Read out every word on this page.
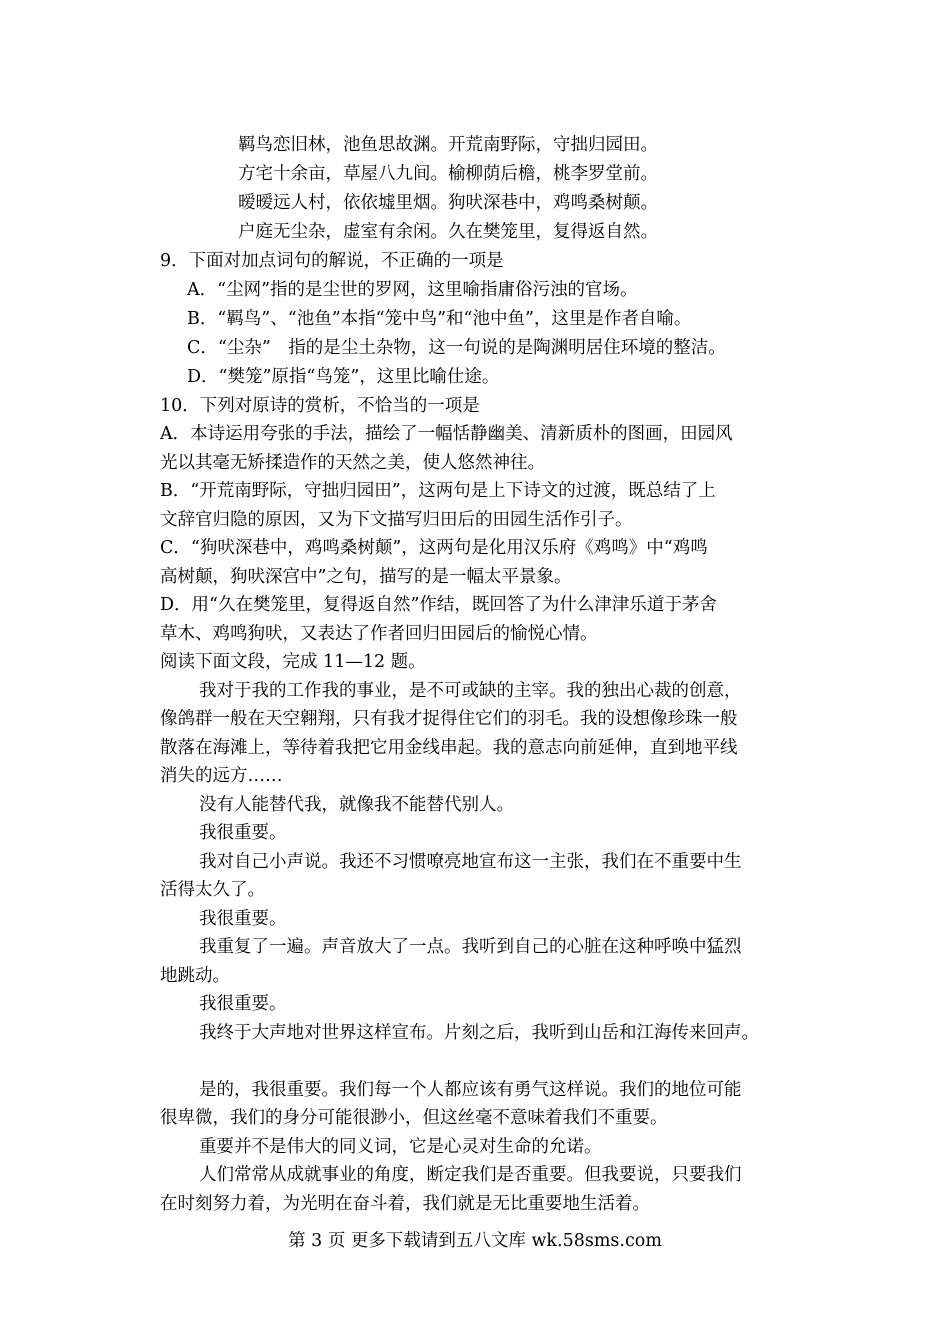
羁鸟恋旧林，池鱼思故渊。开荒南野际，守拙归园田。
方宅十余亩，草屋八九间。榆柳荫后檐，桃李罗堂前。
暧暧远人村，依依墟里烟。狗吠深巷中，鸡鸣桑树颠。
户庭无尘杂，虚室有余闲。久在樊笼里，复得返自然。
9．下面对加点词句的解说，不正确的一项是
A．“尘网”指的是尘世的罗网，这里喻指庸俗污浊的官场。
B．“羁鸟”、“池鱼”本指“笼中鸟”和“池中鱼”，这里是作者自喻。
C．“尘杂”　指的是尘土杂物，这一句说的是陶渊明居住环境的整洁。
D．“樊笼”原指“鸟笼”，这里比喻仕途。
10．下列对原诗的赏析，不恰当的一项是
A．本诗运用夸张的手法，描绘了一幅恬静幽美、清新质朴的图画，田园风
光以其毫无矫揉造作的天然之美，使人悠然神往。
B．“开荒南野际，守拙归园田”，这两句是上下诗文的过渡，既总结了上
文辞官归隐的原因，又为下文描写归田后的田园生活作引子。
C．“狗吠深巷中，鸡鸣桑树颠”，这两句是化用汉乐府《鸡鸣》中“鸡鸣
高树颠，狗吠深宫中”之句，描写的是一幅太平景象。
D．用“久在樊笼里，复得返自然”作结，既回答了为什么津津乐道于茅舍
草木、鸡鸣狗吠，又表达了作者回归田园后的愉悦心情。
阅读下面文段，完成 11—12 题。
我对于我的工作我的事业，是不可或缺的主宰。我的独出心裁的创意，
像鸽群一般在天空翱翔，只有我才捉得住它们的羽毛。我的设想像珍珠一般
散落在海滩上，等待着我把它用金线串起。我的意志向前延伸，直到地平线
消失的远方……
没有人能替代我，就像我不能替代别人。
我很重要。
我对自己小声说。我还不习惯嘹亮地宣布这一主张，我们在不重要中生
活得太久了。
我很重要。
我重复了一遍。声音放大了一点。我听到自己的心脏在这种呼唤中猛烈
地跳动。
我很重要。
我终于大声地对世界这样宣布。片刻之后，我听到山岳和江海传来回声。
是的，我很重要。我们每一个人都应该有勇气这样说。我们的地位可能
很卑微，我们的身分可能很渺小，但这丝毫不意味着我们不重要。
重要并不是伟大的同义词，它是心灵对生命的允诺。
人们常常从成就事业的角度，断定我们是否重要。但我要说，只要我们
在时刻努力着，为光明在奋斗着，我们就是无比重要地生活着。
第 3 页 更多下载请到五八文库 wk.58sms.com
